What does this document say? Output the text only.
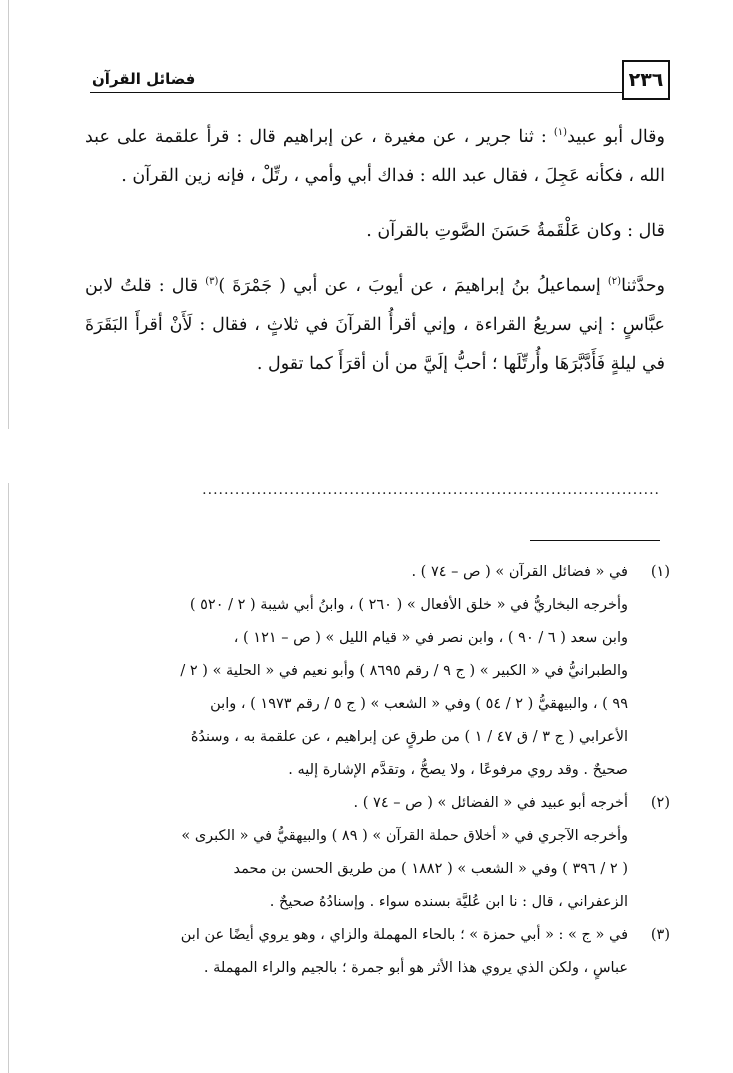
٢٣٦
فضائل القرآن

وقال أبو عبيد$^{(١)}$ : ثنا جرير ، عن مغيرة ، عن إبراهيم قال : قرأ علقمة على عبد الله ، فكأنه عَجِلَ ، فقال عبد الله : فداك أبي وأمي ، رتِّلْ ، فإنه زين القرآن .

قال : وكان عَلْقَمةُ حَسَنَ الصَّوتِ بالقرآن .

وحدَّثنا$^{(٢)}$ إسماعيلُ بنُ إبراهيمَ ، عن أيوبَ ، عن أبي ( جَمْرَةَ )$^{(٣)}$ قال : قلتُ لابن عبَّاسٍ : إني سريعُ القراءة ، وإني أقرأُ القرآنَ في ثلاثٍ ، فقال : لَأَنْ أقرأَ البَقَرَةَ في ليلةٍ فَأَدَّبَّرَهَا وأُرتِّلَها ؛ أحبُّ إلَيَّ من أن أقرَأَ كما تقول .

....................................................................................
(١)
في « فضائل القرآن » ( ص – ٧٤ ) .
وأخرجه البخاريُّ في « خلق الأفعال » ( ٢٦٠ ) ، وابنُ أبي شيبة ( ٢ / ٥٢٠ )
وابن سعد ( ٦ / ٩٠ ) ، وابن نصر في « قيام الليل » ( ص – ١٢١ ) ،
والطبرانيُّ في « الكبير » ( ج ٩ / رقم ٨٦٩٥ ) وأبو نعيم في « الحلية » ( ٢ /
٩٩ ) ، والبيهقيُّ ( ٢ / ٥٤ ) وفي « الشعب » ( ج ٥ / رقم ١٩٧٣ ) ، وابن
الأعرابي ( ج ٣ / ق ٤٧ / ١ ) من طرقٍ عن إبراهيم ، عن علقمة به ، وسندُهُ
صحيحٌ . وقد روي مرفوعًا ، ولا يصحُّ ، وتقدَّم الإشارة إليه .
(٢)
أخرجه أبو عبيد في « الفضائل » ( ص – ٧٤ ) .
وأخرجه الآجري في « أخلاق حملة القرآن » ( ٨٩ ) والبيهقيُّ في « الكبرى »
( ٢ / ٣٩٦ ) وفي « الشعب » ( ١٨٨٢ ) من طريق الحسن بن محمد
الزعفراني ، قال : نا ابن عُليَّة بسنده سواء . وإسنادُهُ صحيحٌ .
(٣)
في « ج » : « أبي حمزة » ؛ بالحاء المهملة والزاي ، وهو يروي أيضًا عن ابن
عباسٍ ، ولكن الذي يروي هذا الأثر هو أبو جمرة ؛ بالجيم والراء المهملة .
